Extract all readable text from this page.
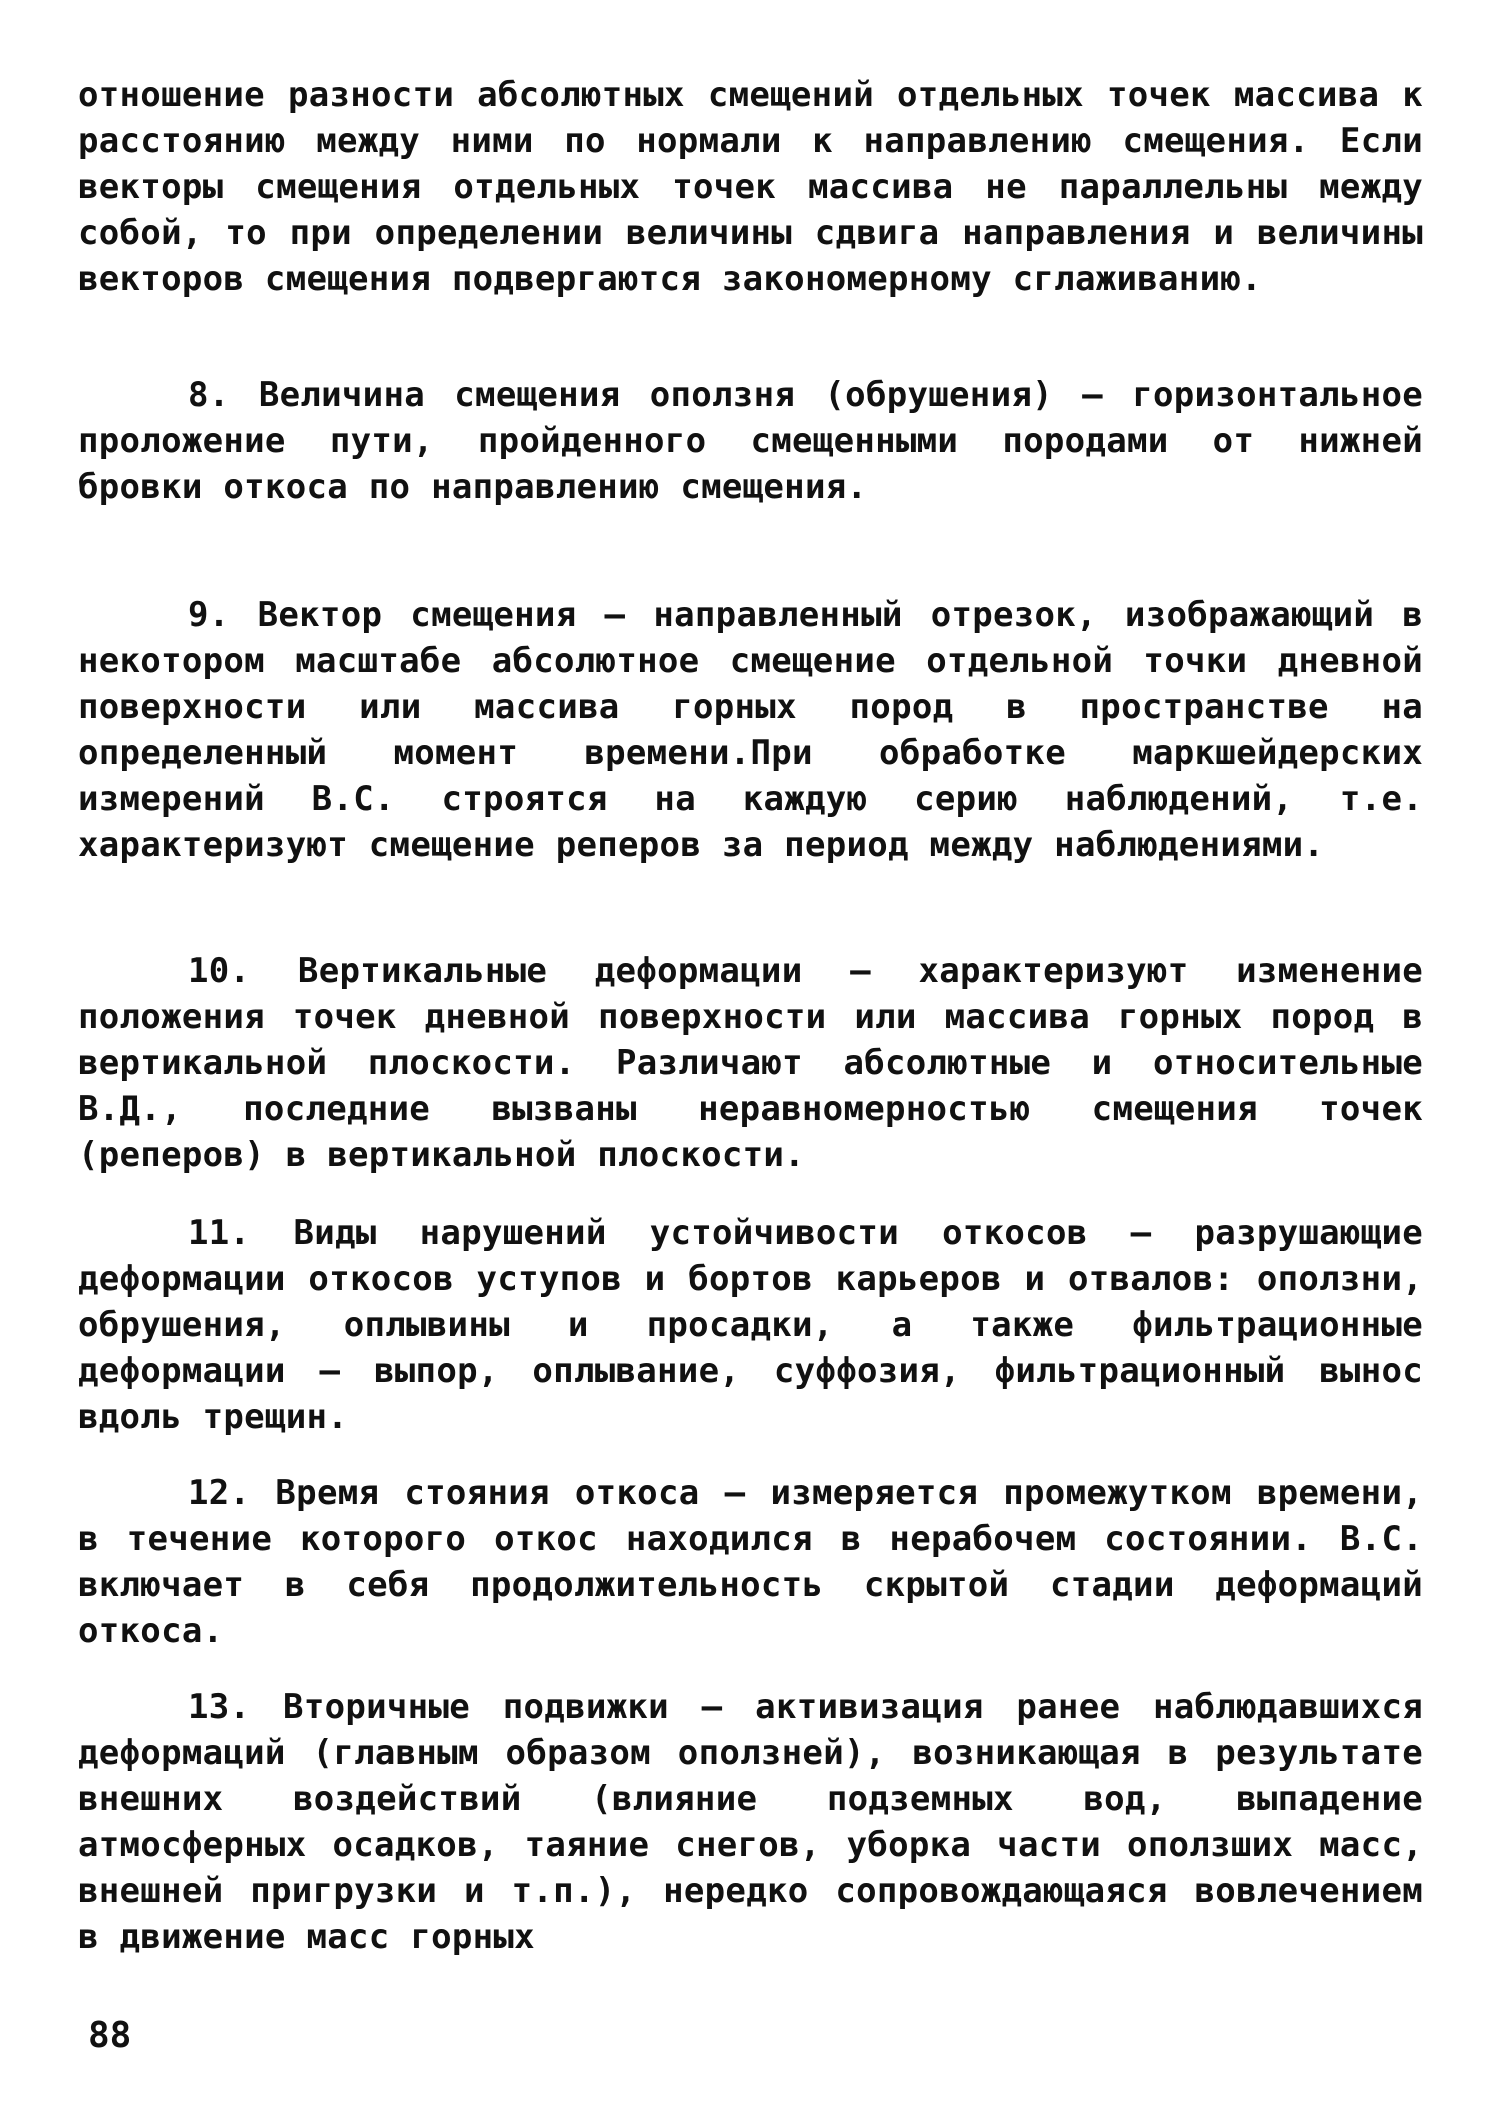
отношение разности абсолютных смещений отдельных точек массива к расстоянию между ними по нормали к направлению смещения. Если векторы смещения отдельных точек массива не параллельны между собой, то при определении величины сдвига направления и величины векторов смещения подвергаются закономерному сглаживанию.

8. Величина смещения оползня (обрушения) – горизонтальное проложение пути, пройденного смещенными породами от нижней бровки откоса по направлению смещения.

9. Вектор смещения – направленный отрезок, изображающий в некотором масштабе абсолютное смещение отдельной точки дневной поверхности или массива горных пород в пространстве на определенный момент времени.При обработке маркшейдерских измерений В.С. строятся на каждую серию наблюдений, т.е. характеризуют смещение реперов за период между наблюдениями.

10. Вертикальные деформации – характеризуют изменение положения точек дневной поверхности или массива горных пород в вертикальной плоскости. Различают абсолютные и относительные В.Д., последние вызваны неравномерностью смещения точек (реперов) в вертикальной плоскости.

11. Виды нарушений устойчивости откосов – разрушающие деформации откосов уступов и бортов карьеров и отвалов: оползни, обрушения, оплывины и просадки, а также фильтрационные деформации – выпор, оплывание, суффозия, фильтрационный вынос вдоль трещин.

12. Время стояния откоса – измеряется промежутком времени, в течение которого откос находился в нерабочем состоянии. В.С. включает в себя продолжительность скрытой стадии деформаций откоса.

13. Вторичные подвижки – активизация ранее наблюдавшихся деформаций (главным образом оползней), возникающая в результате внешних воздействий (влияние подземных вод, выпадение атмосферных осадков, таяние снегов, уборка части оползших масс, внешней пригрузки и т.п.), нередко сопровождающаяся вовлечением в движение масс горных

88
